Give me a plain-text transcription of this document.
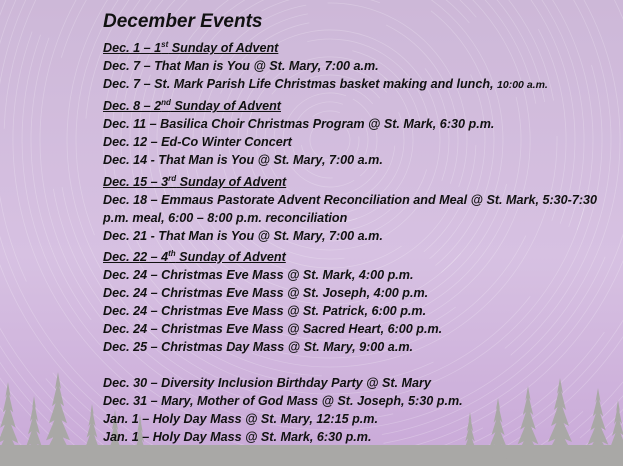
December Events
Dec. 1 – 1st Sunday of Advent
Dec. 7 – That Man is You @ St. Mary, 7:00 a.m.
Dec. 7 – St. Mark Parish Life Christmas basket making and lunch, 10:00 a.m.
Dec. 8 – 2nd Sunday of Advent
Dec. 11 – Basilica Choir Christmas Program @ St. Mark, 6:30 p.m.
Dec. 12 – Ed-Co Winter Concert
Dec. 14 - That Man is You @ St. Mary, 7:00 a.m.
Dec. 15 – 3rd Sunday of Advent
Dec. 18 – Emmaus Pastorate Advent Reconciliation and Meal @ St. Mark, 5:30-7:30 p.m. meal, 6:00 – 8:00 p.m. reconciliation
Dec. 21 - That Man is You @ St. Mary, 7:00 a.m.
Dec. 22 – 4th Sunday of Advent
Dec. 24 – Christmas Eve Mass @ St. Mark, 4:00 p.m.
Dec. 24 – Christmas Eve Mass @ St. Joseph, 4:00 p.m.
Dec. 24 – Christmas Eve Mass @ St. Patrick, 6:00 p.m.
Dec. 24 – Christmas Eve Mass @ Sacred Heart, 6:00 p.m.
Dec. 25 – Christmas Day Mass @ St. Mary, 9:00 a.m.
Dec. 30 – Diversity Inclusion Birthday Party @ St. Mary
Dec. 31 – Mary, Mother of God Mass @ St. Joseph, 5:30 p.m.
Jan. 1 – Holy Day Mass @ St. Mary, 12:15 p.m.
Jan. 1 – Holy Day Mass @ St. Mark, 6:30 p.m.
